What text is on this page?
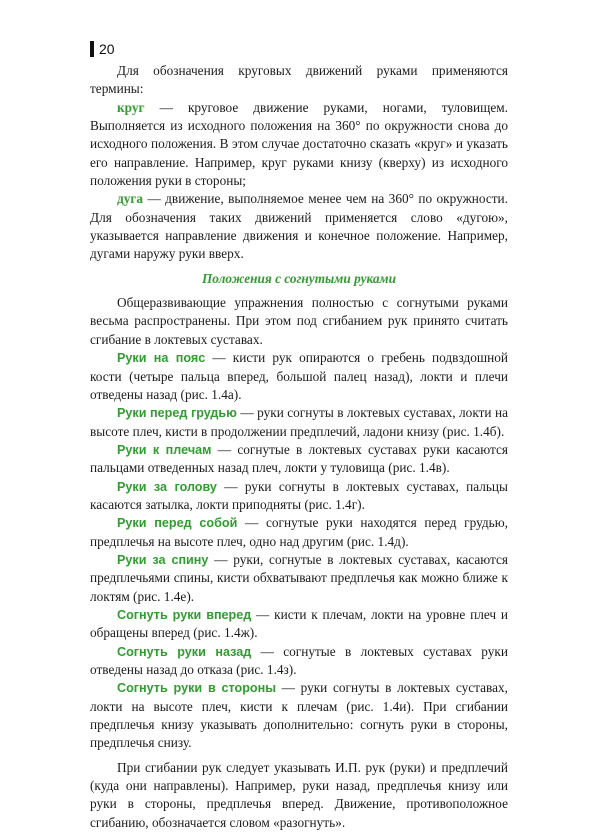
20

Для обозначения круговых движений руками применяются термины:

круг — круговое движение руками, ногами, туловищем. Выполняется из исходного положения на 360° по окружности снова до исходного положения. В этом случае достаточно сказать «круг» и указать его направление. Например, круг руками книзу (кверху) из исходного положения руки в стороны;

дуга — движение, выполняемое менее чем на 360° по окружности. Для обозначения таких движений применяется слово «дугою», указывается направление движения и конечное положение. Например, дугами наружу руки вверх.

Положения с согнутыми руками

Общеразвивающие упражнения полностью с согнутыми руками весьма распространены. При этом под сгибанием рук принято считать сгибание в локтевых суставах.

Руки на пояс — кисти рук опираются о гребень подвздошной кости (четыре пальца вперед, большой палец назад), локти и плечи отведены назад (рис. 1.4а).

Руки перед грудью — руки согнуты в локтевых суставах, локти на высоте плеч, кисти в продолжении предплечий, ладони книзу (рис. 1.4б).

Руки к плечам — согнутые в локтевых суставах руки касаются пальцами отведенных назад плеч, локти у туловища (рис. 1.4в).

Руки за голову — руки согнуты в локтевых суставах, пальцы касаются затылка, локти приподняты (рис. 1.4г).

Руки перед собой — согнутые руки находятся перед грудью, предплечья на высоте плеч, одно над другим (рис. 1.4д).

Руки за спину — руки, согнутые в локтевых суставах, касаются предплечьями спины, кисти обхватывают предплечья как можно ближе к локтям (рис. 1.4е).

Согнуть руки вперед — кисти к плечам, локти на уровне плеч и обращены вперед (рис. 1.4ж).

Согнуть руки назад — согнутые в локтевых суставах руки отведены назад до отказа (рис. 1.4з).

Согнуть руки в стороны — руки согнуты в локтевых суставах, локти на высоте плеч, кисти к плечам (рис. 1.4и). При сгибании предплечья книзу указывать дополнительно: согнуть руки в стороны, предплечья снизу.

При сгибании рук следует указывать И.П. рук (руки) и предплечий (куда они направлены). Например, руки назад, предплечья книзу или руки в стороны, предплечья вперед. Движение, противоположное сгибанию, обозначается словом «разогнуть».
